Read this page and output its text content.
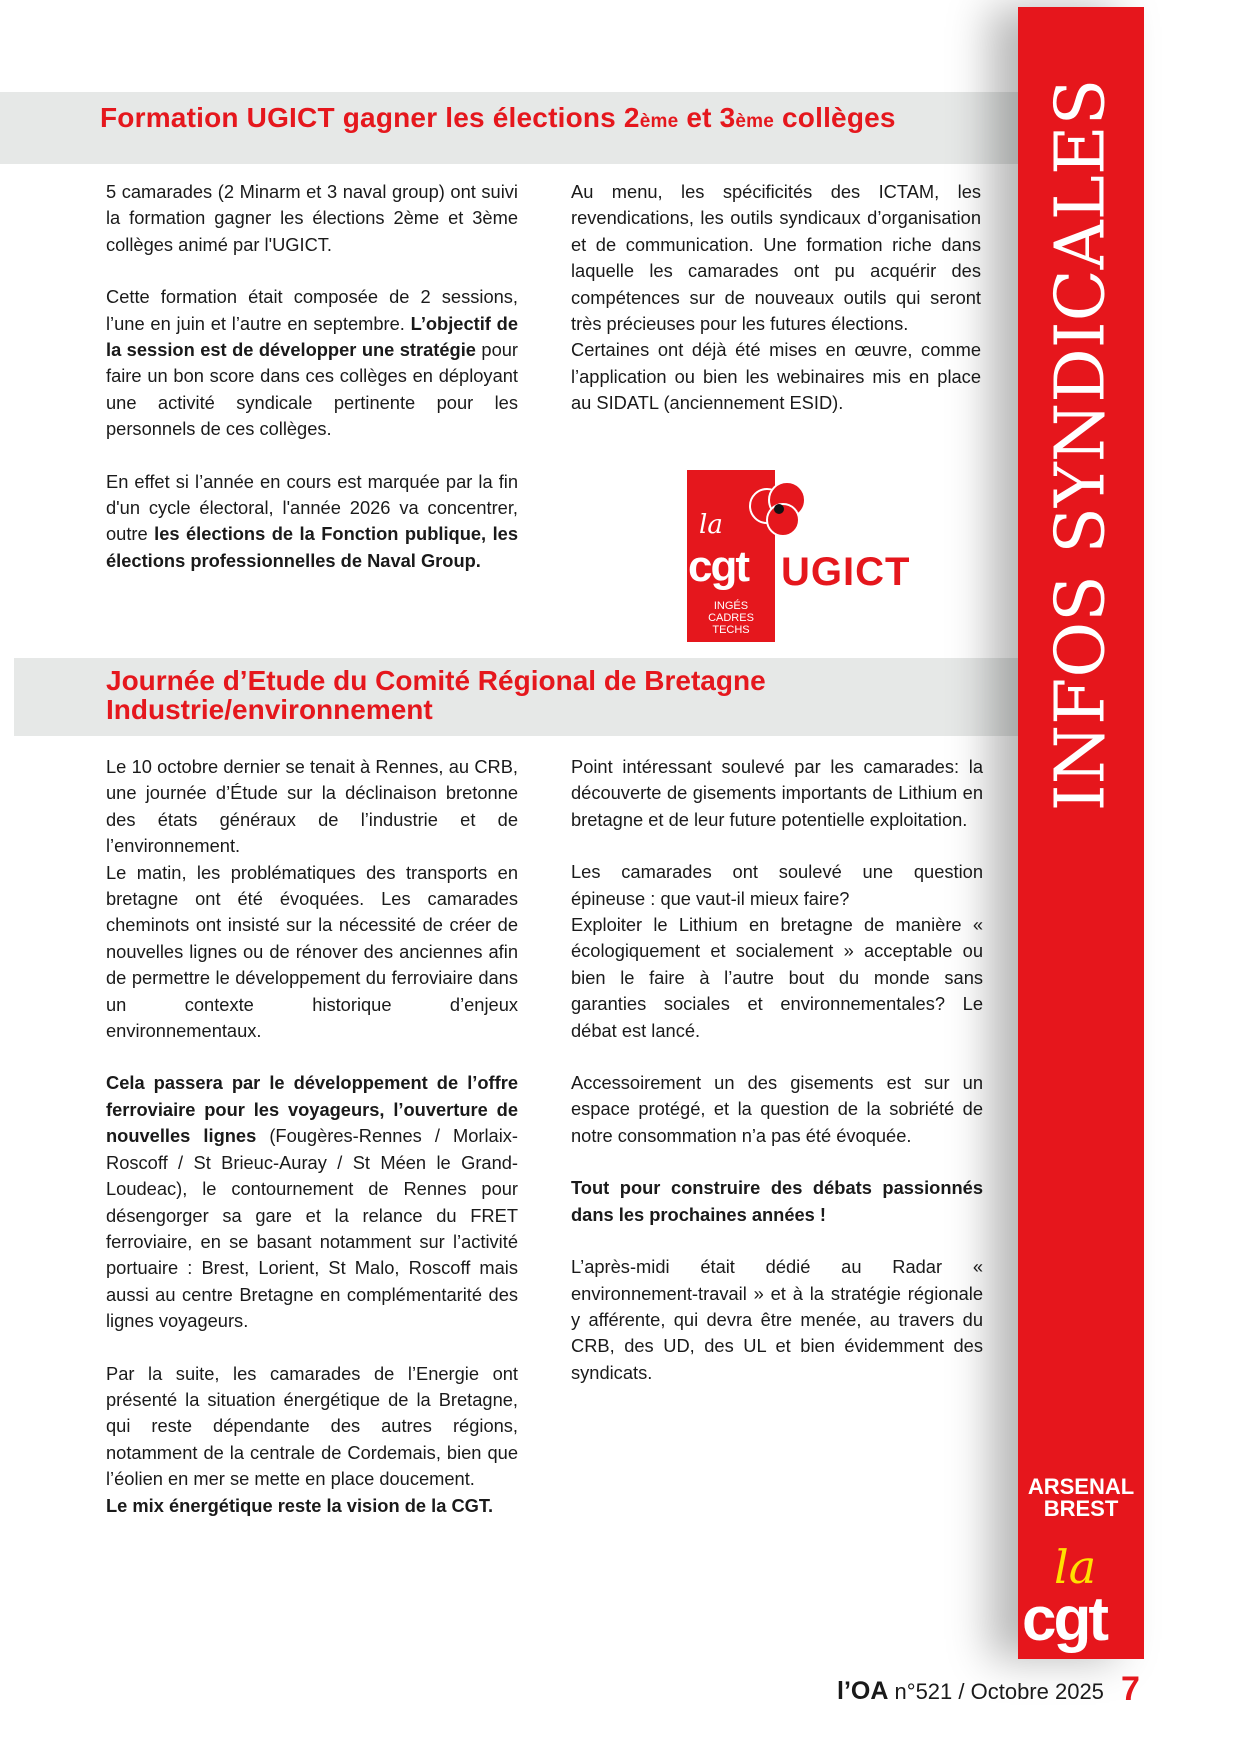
Formation UGICT gagner les élections 2ème et 3ème collèges

5 camarades (2 Minarm et 3 naval group) ont suivi la formation gagner les élections 2ème et 3ème collèges animé par l'UGICT.

Cette formation était composée de 2 sessions, l’une en juin et l’autre en septembre. L’objectif de la session est de développer une stratégie pour faire un bon score dans ces collèges en déployant une activité syndicale pertinente pour les personnels de ces collèges.

En effet si l’année en cours est marquée par la fin d'un cycle électoral, l'année 2026 va concentrer, outre les élections de la Fonction publique, les élections professionnelles de Naval Group.

Au menu, les spécificités des ICTAM, les revendications, les outils syndicaux d’organisation et de communication. Une formation riche dans laquelle les camarades ont pu acquérir des compétences sur de nouveaux outils qui seront très précieuses pour les futures élections.

Certaines ont déjà été mises en œuvre, comme l’application ou bien les webinaires mis en place au SIDATL (anciennement ESID).

la
cgt UGICT
INGÉS
CADRES
TECHS
Journée d’Etude du Comité Régional de Bretagne
Industrie/environnement

Le 10 octobre dernier se tenait à Rennes, au CRB, une journée d’Étude sur la déclinaison bretonne des états généraux de l’industrie et de l’environnement.

Le matin, les problématiques des transports en bretagne ont été évoquées. Les camarades cheminots ont insisté sur la nécessité de créer de nouvelles lignes ou de rénover des anciennes afin de permettre le développement du ferroviaire dans un contexte historique d’enjeux environnementaux.

Cela passera par le développement de l’offre ferroviaire pour les voyageurs, l’ouverture de nouvelles lignes (Fougères-Rennes / Morlaix-Roscoff / St Brieuc-Auray / St Méen le Grand-Loudeac), le contournement de Rennes pour désengorger sa gare et la relance du FRET ferroviaire, en se basant notamment sur l’activité portuaire : Brest, Lorient, St Malo, Roscoff mais aussi au centre Bretagne en complémentarité des lignes voyageurs.

Par la suite, les camarades de l’Energie ont présenté la situation énergétique de la Bretagne, qui reste dépendante des autres régions, notamment de la centrale de Cordemais, bien que l’éolien en mer se mette en place doucement.

Le mix énergétique reste la vision de la CGT.

Point intéressant soulevé par les camarades: la découverte de gisements importants de Lithium en bretagne et de leur future potentielle exploitation.

Les camarades ont soulevé une question épineuse : que vaut-il mieux faire?

Exploiter le Lithium en bretagne de manière « écologiquement et socialement » acceptable ou bien le faire à l’autre bout du monde sans garanties sociales et environnementales? Le débat est lancé.

Accessoirement un des gisements est sur un espace protégé, et la question de la sobriété de notre consommation n’a pas été évoquée.

Tout pour construire des débats passionnés dans les prochaines années !

L’après-midi était dédié au Radar « environnement-travail » et à la stratégie régionale y afférente, qui devra être menée, au travers du CRB, des UD, des UL et bien évidemment des syndicats.

INFOS SYNDICALES
ARSENAL
BREST
la
cgt
l’OA n°521 / Octobre 2025 7
